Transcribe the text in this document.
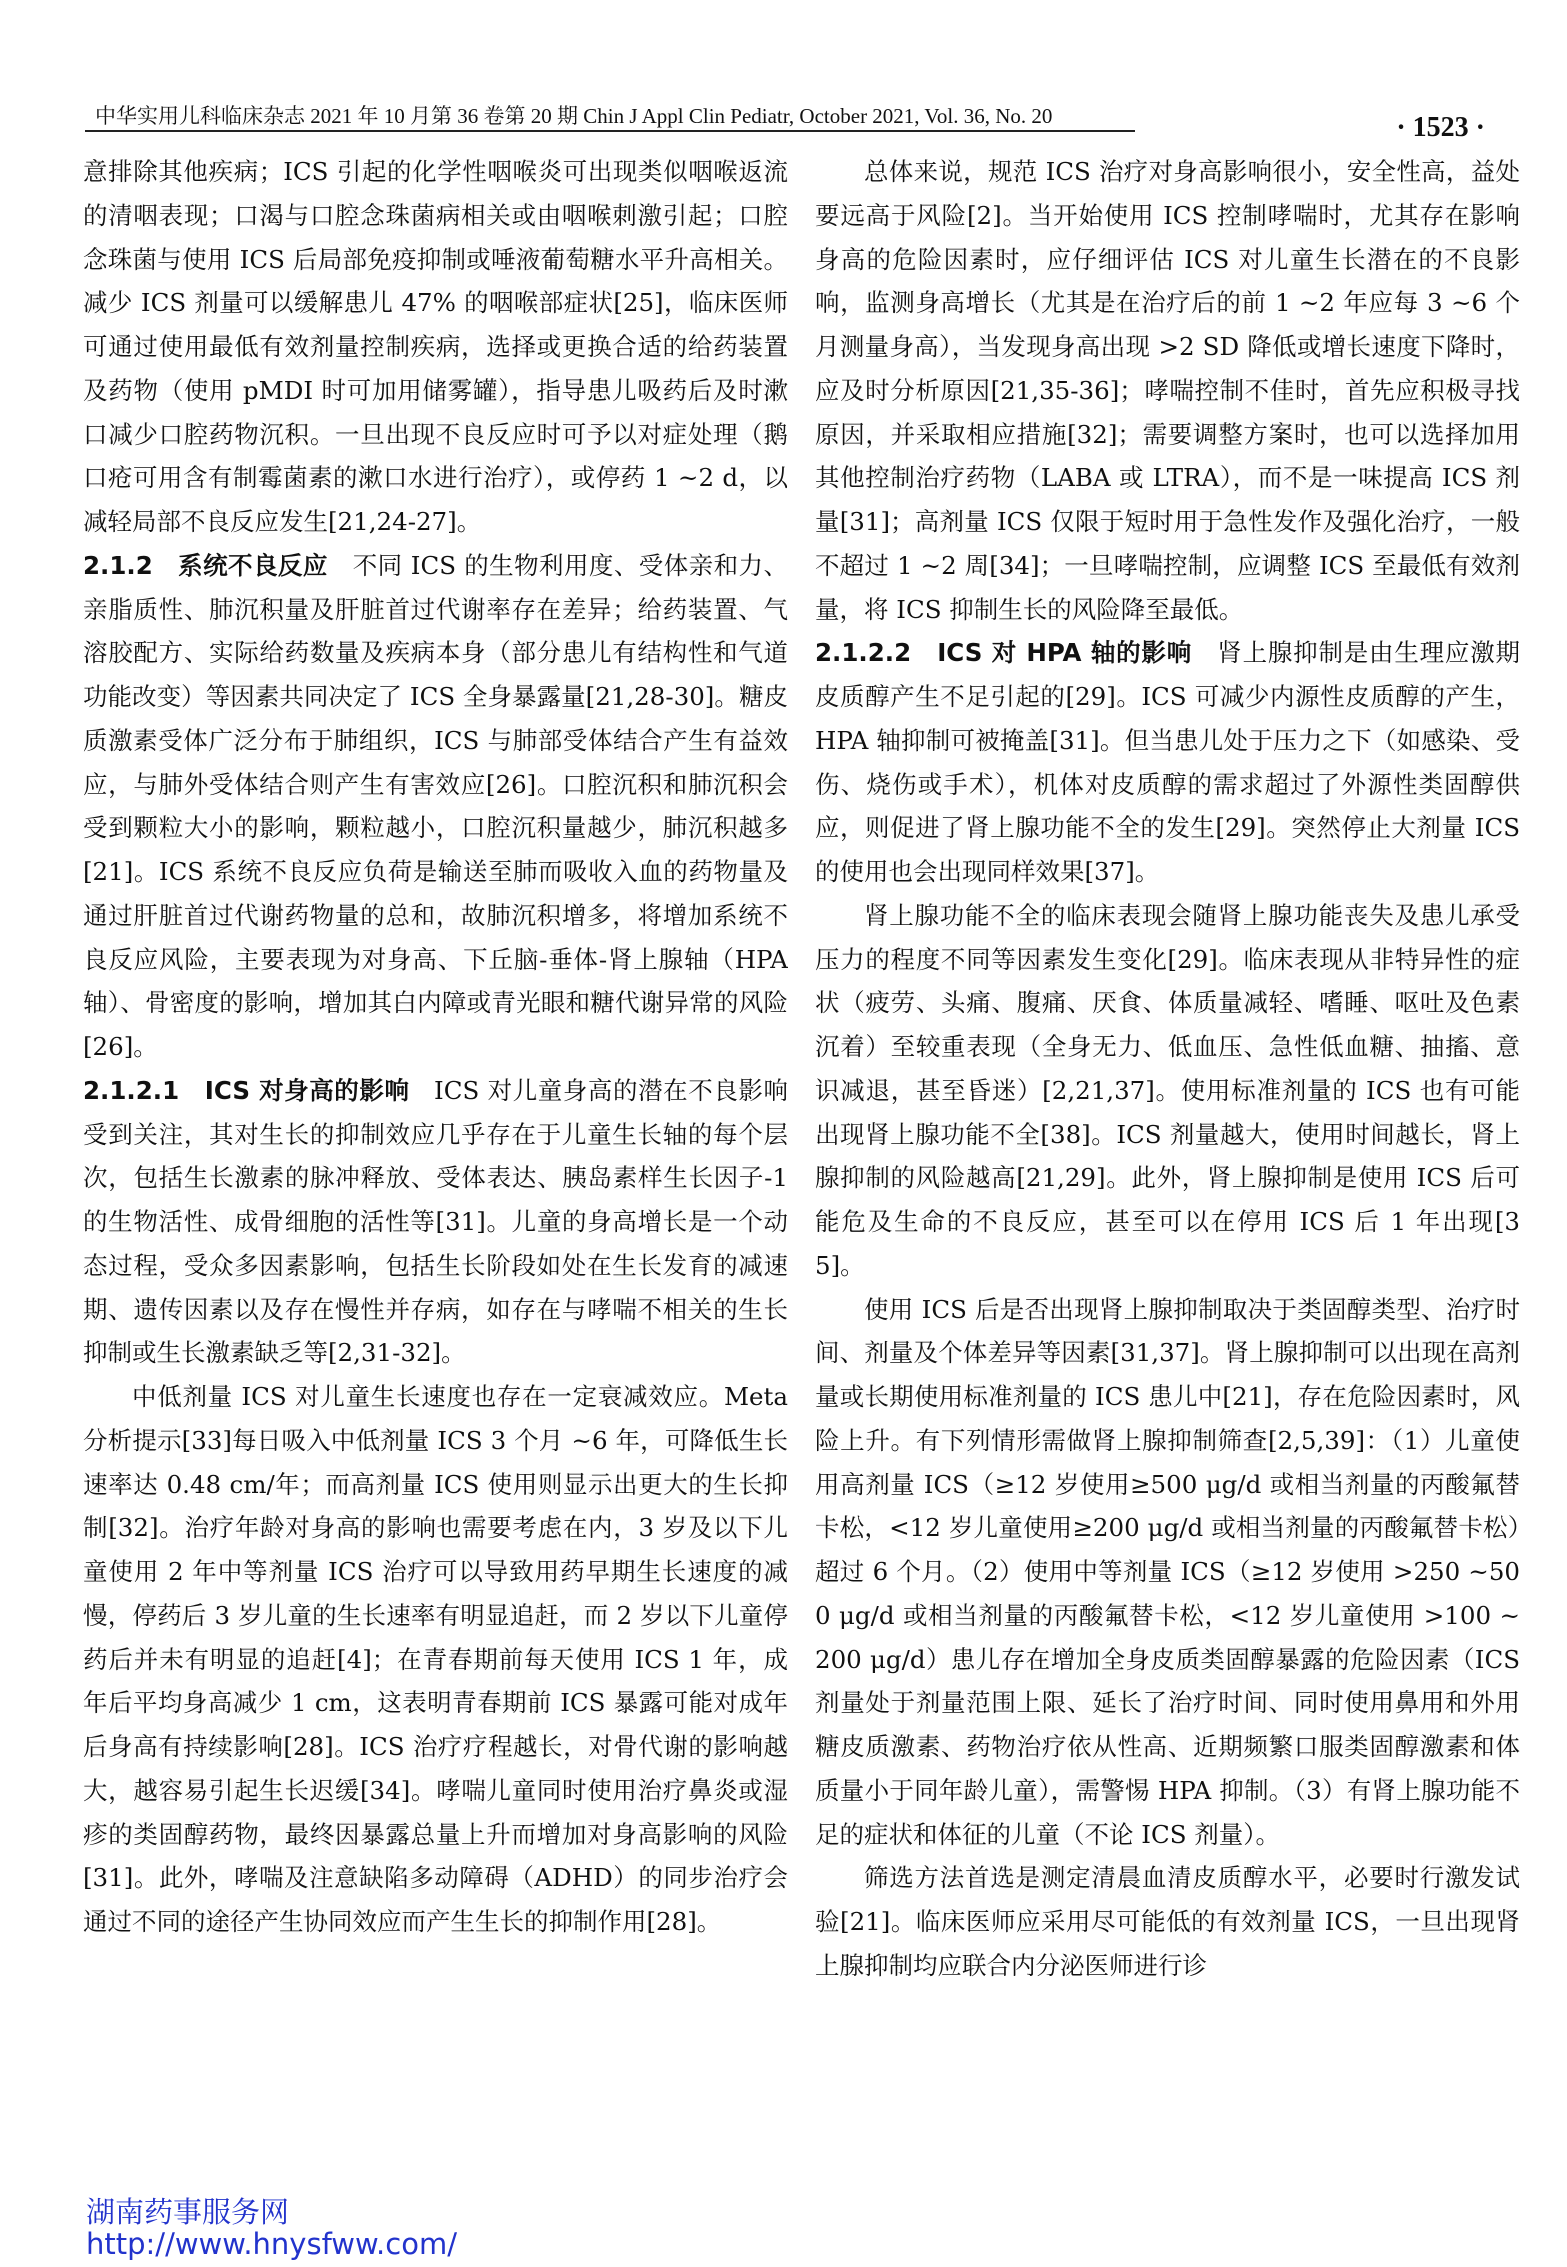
中华实用儿科临床杂志 2021 年 10 月第 36 卷第 20 期 Chin J Appl Clin Pediatr, October 2021, Vol. 36, No. 20	· 1523 ·

意排除其他疾病；ICS 引起的化学性咽喉炎可出现类似咽喉返流的清咽表现；口渴与口腔念珠菌病相关或由咽喉刺激引起；口腔念珠菌与使用 ICS 后局部免疫抑制或唾液葡萄糖水平升高相关。减少 ICS 剂量可以缓解患儿 47% 的咽喉部症状[25]，临床医师可通过使用最低有效剂量控制疾病，选择或更换合适的给药装置及药物（使用 pMDI 时可加用储雾罐），指导患儿吸药后及时漱口减少口腔药物沉积。一旦出现不良反应时可予以对症处理（鹅口疮可用含有制霉菌素的漱口水进行治疗），或停药 1 ~2 d，以减轻局部不良反应发生[21,24-27]。

2.1.2　系统不良反应 不同 ICS 的生物利用度、受体亲和力、亲脂质性、肺沉积量及肝脏首过代谢率存在差异；给药装置、气溶胶配方、实际给药数量及疾病本身（部分患儿有结构性和气道功能改变）等因素共同决定了 ICS 全身暴露量[21,28-30]。糖皮质激素受体广泛分布于肺组织，ICS 与肺部受体结合产生有益效应，与肺外受体结合则产生有害效应[26]。口腔沉积和肺沉积会受到颗粒大小的影响，颗粒越小，口腔沉积量越少，肺沉积越多[21]。ICS 系统不良反应负荷是输送至肺而吸收入血的药物量及通过肝脏首过代谢药物量的总和，故肺沉积增多，将增加系统不良反应风险，主要表现为对身高、下丘脑-垂体-肾上腺轴（HPA 轴）、骨密度的影响，增加其白内障或青光眼和糖代谢异常的风险[26]。

2.1.2.1　ICS 对身高的影响 ICS 对儿童身高的潜在不良影响受到关注，其对生长的抑制效应几乎存在于儿童生长轴的每个层次，包括生长激素的脉冲释放、受体表达、胰岛素样生长因子-1 的生物活性、成骨细胞的活性等[31]。儿童的身高增长是一个动态过程，受众多因素影响，包括生长阶段如处在生长发育的减速期、遗传因素以及存在慢性并存病，如存在与哮喘不相关的生长抑制或生长激素缺乏等[2,31-32]。

中低剂量 ICS 对儿童生长速度也存在一定衰减效应。Meta 分析提示[33]每日吸入中低剂量 ICS 3 个月 ~6 年，可降低生长速率达 0.48 cm/年；而高剂量 ICS 使用则显示出更大的生长抑制[32]。治疗年龄对身高的影响也需要考虑在内，3 岁及以下儿童使用 2 年中等剂量 ICS 治疗可以导致用药早期生长速度的减慢，停药后 3 岁儿童的生长速率有明显追赶，而 2 岁以下儿童停药后并未有明显的追赶[4]；在青春期前每天使用 ICS 1 年，成年后平均身高减少 1 cm，这表明青春期前 ICS 暴露可能对成年后身高有持续影响[28]。ICS 治疗疗程越长，对骨代谢的影响越大，越容易引起生长迟缓[34]。哮喘儿童同时使用治疗鼻炎或湿疹的类固醇药物，最终因暴露总量上升而增加对身高影响的风险[31]。此外，哮喘及注意缺陷多动障碍（ADHD）的同步治疗会通过不同的途径产生协同效应而产生生长的抑制作用[28]。

总体来说，规范 ICS 治疗对身高影响很小，安全性高，益处要远高于风险[2]。当开始使用 ICS 控制哮喘时，尤其存在影响身高的危险因素时，应仔细评估 ICS 对儿童生长潜在的不良影响，监测身高增长（尤其是在治疗后的前 1 ~2 年应每 3 ~6 个月测量身高），当发现身高出现 >2 SD 降低或增长速度下降时，应及时分析原因[21,35-36]；哮喘控制不佳时，首先应积极寻找原因，并采取相应措施[32]；需要调整方案时，也可以选择加用其他控制治疗药物（LABA 或 LTRA），而不是一味提高 ICS 剂量[31]；高剂量 ICS 仅限于短时用于急性发作及强化治疗，一般不超过 1 ~2 周[34]；一旦哮喘控制，应调整 ICS 至最低有效剂量，将 ICS 抑制生长的风险降至最低。

2.1.2.2　ICS 对 HPA 轴的影响 肾上腺抑制是由生理应激期皮质醇产生不足引起的[29]。ICS 可减少内源性皮质醇的产生，HPA 轴抑制可被掩盖[31]。但当患儿处于压力之下（如感染、受伤、烧伤或手术），机体对皮质醇的需求超过了外源性类固醇供应，则促进了肾上腺功能不全的发生[29]。突然停止大剂量 ICS 的使用也会出现同样效果[37]。

肾上腺功能不全的临床表现会随肾上腺功能丧失及患儿承受压力的程度不同等因素发生变化[29]。临床表现从非特异性的症状（疲劳、头痛、腹痛、厌食、体质量减轻、嗜睡、呕吐及色素沉着）至较重表现（全身无力、低血压、急性低血糖、抽搐、意识减退，甚至昏迷）[2,21,37]。使用标准剂量的 ICS 也有可能出现肾上腺功能不全[38]。ICS 剂量越大，使用时间越长，肾上腺抑制的风险越高[21,29]。此外，肾上腺抑制是使用 ICS 后可能危及生命的不良反应，甚至可以在停用 ICS 后 1 年出现[35]。

使用 ICS 后是否出现肾上腺抑制取决于类固醇类型、治疗时间、剂量及个体差异等因素[31,37]。肾上腺抑制可以出现在高剂量或长期使用标准剂量的 ICS 患儿中[21]，存在危险因素时，风险上升。有下列情形需做肾上腺抑制筛查[2,5,39]：（1）儿童使用高剂量 ICS（≥12 岁使用≥500 μg/d 或相当剂量的丙酸氟替卡松，<12 岁儿童使用≥200 μg/d 或相当剂量的丙酸氟替卡松）超过 6 个月。（2）使用中等剂量 ICS（≥12 岁使用 >250 ~500 μg/d 或相当剂量的丙酸氟替卡松，<12 岁儿童使用 >100 ~200 μg/d）患儿存在增加全身皮质类固醇暴露的危险因素（ICS 剂量处于剂量范围上限、延长了治疗时间、同时使用鼻用和外用糖皮质激素、药物治疗依从性高、近期频繁口服类固醇激素和体质量小于同年龄儿童），需警惕 HPA 抑制。（3）有肾上腺功能不足的症状和体征的儿童（不论 ICS 剂量）。

筛选方法首选是测定清晨血清皮质醇水平，必要时行激发试验[21]。临床医师应采用尽可能低的有效剂量 ICS，一旦出现肾上腺抑制均应联合内分泌医师进行诊

湖南药事服务网
http://www.hnysfww.com/
